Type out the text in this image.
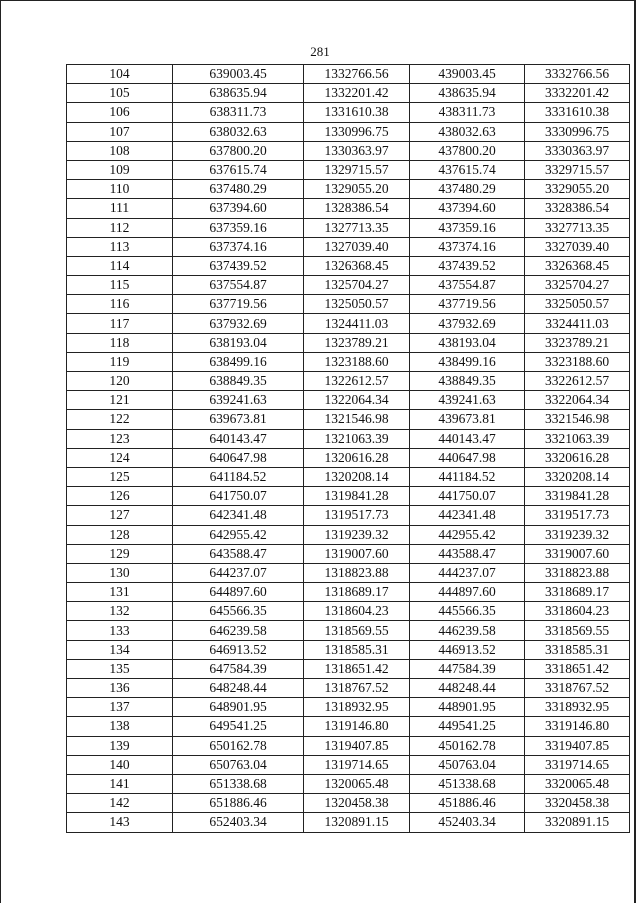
281
104	639003.45	1332766.56	439003.45	3332766.56
105	638635.94	1332201.42	438635.94	3332201.42
106	638311.73	1331610.38	438311.73	3331610.38
107	638032.63	1330996.75	438032.63	3330996.75
108	637800.20	1330363.97	437800.20	3330363.97
109	637615.74	1329715.57	437615.74	3329715.57
110	637480.29	1329055.20	437480.29	3329055.20
111	637394.60	1328386.54	437394.60	3328386.54
112	637359.16	1327713.35	437359.16	3327713.35
113	637374.16	1327039.40	437374.16	3327039.40
114	637439.52	1326368.45	437439.52	3326368.45
115	637554.87	1325704.27	437554.87	3325704.27
116	637719.56	1325050.57	437719.56	3325050.57
117	637932.69	1324411.03	437932.69	3324411.03
118	638193.04	1323789.21	438193.04	3323789.21
119	638499.16	1323188.60	438499.16	3323188.60
120	638849.35	1322612.57	438849.35	3322612.57
121	639241.63	1322064.34	439241.63	3322064.34
122	639673.81	1321546.98	439673.81	3321546.98
123	640143.47	1321063.39	440143.47	3321063.39
124	640647.98	1320616.28	440647.98	3320616.28
125	641184.52	1320208.14	441184.52	3320208.14
126	641750.07	1319841.28	441750.07	3319841.28
127	642341.48	1319517.73	442341.48	3319517.73
128	642955.42	1319239.32	442955.42	3319239.32
129	643588.47	1319007.60	443588.47	3319007.60
130	644237.07	1318823.88	444237.07	3318823.88
131	644897.60	1318689.17	444897.60	3318689.17
132	645566.35	1318604.23	445566.35	3318604.23
133	646239.58	1318569.55	446239.58	3318569.55
134	646913.52	1318585.31	446913.52	3318585.31
135	647584.39	1318651.42	447584.39	3318651.42
136	648248.44	1318767.52	448248.44	3318767.52
137	648901.95	1318932.95	448901.95	3318932.95
138	649541.25	1319146.80	449541.25	3319146.80
139	650162.78	1319407.85	450162.78	3319407.85
140	650763.04	1319714.65	450763.04	3319714.65
141	651338.68	1320065.48	451338.68	3320065.48
142	651886.46	1320458.38	451886.46	3320458.38
143	652403.34	1320891.15	452403.34	3320891.15
